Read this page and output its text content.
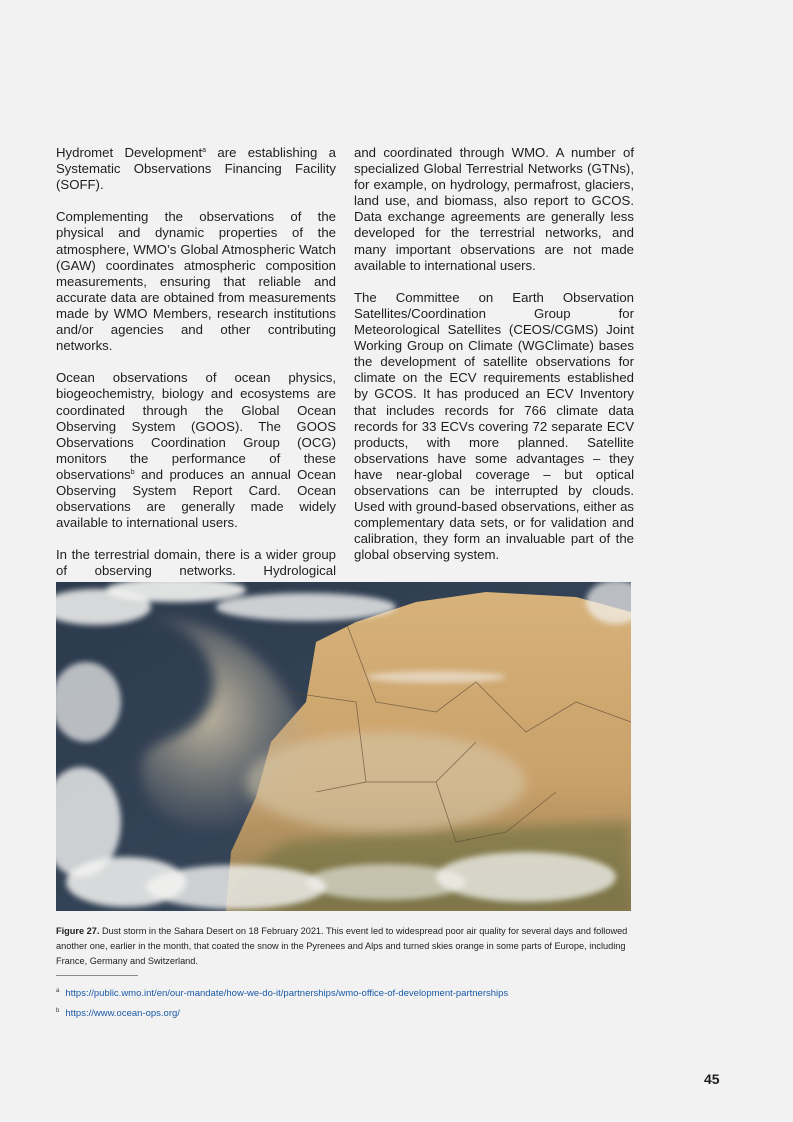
Hydromet Development$^a$ are establishing a Systematic Observations Financing Facility (SOFF).

Complementing the observations of the physical and dynamic properties of the atmosphere, WMO’s Global Atmospheric Watch (GAW) coordinates atmospheric composition measurements, ensuring that reliable and accurate data are obtained from measurements made by WMO Members, research institutions and/or agencies and other contributing networks.

Ocean observations of ocean physics, biogeochemistry, biology and ecosystems are coordinated through the Global Ocean Observing System (GOOS). The GOOS Observations Coordination Group (OCG) monitors the performance of these observations$^b$ and produces an annual Ocean Observing System Report Card. Ocean observations are generally made widely available to international users.

In the terrestrial domain, there is a wider group of observing networks. Hydrological

and coordinated through WMO. A number of specialized Global Terrestrial Networks (GTNs), for example, on hydrology, permafrost, glaciers, land use, and biomass, also report to GCOS. Data exchange agreements are generally less developed for the terrestrial networks, and many important observations are not made available to international users.

The Committee on Earth Observation Satellites/Coordination Group for Meteorological Satellites (CEOS/CGMS) Joint Working Group on Climate (WGClimate) bases the development of satellite observations for climate on the ECV requirements established by GCOS. It has produced an ECV Inventory that includes records for 766 climate data records for 33 ECVs covering 72 separate ECV products, with more planned. Satellite observations have some advantages – they have near-global coverage – but optical observations can be interrupted by clouds. Used with ground-based observations, either as complementary data sets, or for validation and calibration, they form an invaluable part of the global observing system.

Figure 27. Dust storm in the Sahara Desert on 18 February 2021. This event led to widespread poor air quality for several days and followed another one, earlier in the month, that coated the snow in the Pyrenees and Alps and turned skies orange in some parts of Europe, including France, Germany and Switzerland.
$^a$ https://public.wmo.int/en/our-mandate/how-we-do-it/partnerships/wmo-office-of-development-partnerships
$^b$ https://www.ocean-ops.org/
45
